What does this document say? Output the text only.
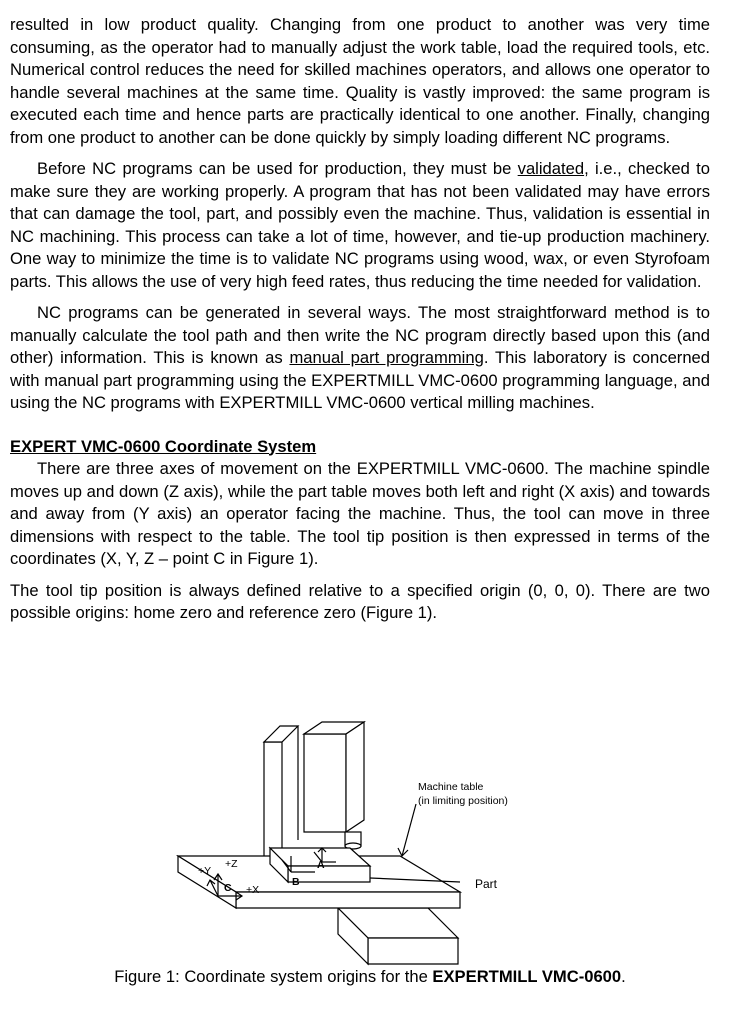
resulted in low product quality. Changing from one product to another was very time consuming, as the operator had to manually adjust the work table, load the required tools, etc. Numerical control reduces the need for skilled machines operators, and allows one operator to handle several machines at the same time. Quality is vastly improved: the same program is executed each time and hence parts are practically identical to one another. Finally, changing from one product to another can be done quickly by simply loading different NC programs.

Before NC programs can be used for production, they must be validated, i.e., checked to make sure they are working properly. A program that has not been validated may have errors that can damage the tool, part, and possibly even the machine. Thus, validation is essential in NC machining. This process can take a lot of time, however, and tie-up production machinery. One way to minimize the time is to validate NC programs using wood, wax, or even Styrofoam parts. This allows the use of very high feed rates, thus reducing the time needed for validation.

NC programs can be generated in several ways. The most straightforward method is to manually calculate the tool path and then write the NC program directly based upon this (and other) information. This is known as manual part programming. This laboratory is concerned with manual part programming using the EXPERTMILL VMC-0600 programming language, and using the NC programs with EXPERTMILL VMC-0600 vertical milling machines.

EXPERT VMC-0600 Coordinate System

There are three axes of movement on the EXPERTMILL VMC-0600. The machine spindle moves up and down (Z axis), while the part table moves both left and right (X axis) and towards and away from (Y axis) an operator facing the machine. Thus, the tool can move in three dimensions with respect to the table. The tool tip position is then expressed in terms of the coordinates (X, Y, Z – point C in Figure 1).

The tool tip position is always defined relative to a specified origin (0, 0, 0). There are two possible origins: home zero and reference zero (Figure 1).

Machine table
(in limiting position)
Part
+Y
+Z
+X
C
A
B

Figure 1: Coordinate system origins for the EXPERTMILL VMC-0600.
